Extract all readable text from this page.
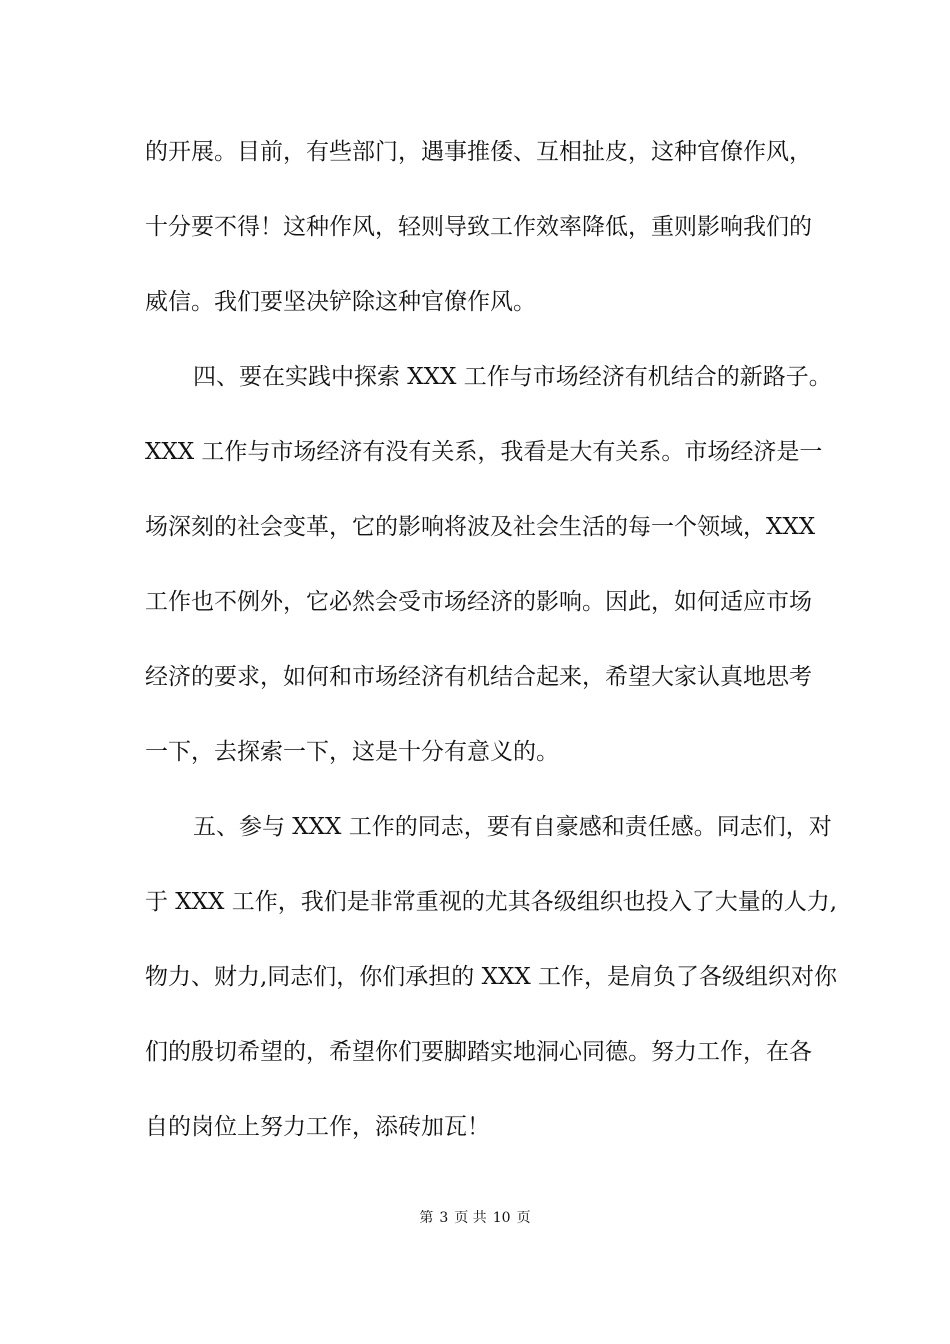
的开展。目前，有些部门，遇事推倭、互相扯皮，这种官僚作风，
十分要不得！这种作风，轻则导致工作效率降低，重则影响我们的
威信。我们要坚决铲除这种官僚作风。
四、要在实践中探索 XXX 工作与市场经济有机结合的新路子。
XXX 工作与市场经济有没有关系，我看是大有关系。市场经济是一
场深刻的社会变革，它的影响将波及社会生活的每一个领域，XXX
工作也不例外，它必然会受市场经济的影响。因此，如何适应市场
经济的要求，如何和市场经济有机结合起来，希望大家认真地思考
一下，去探索一下，这是十分有意义的。
五、参与 XXX 工作的同志，要有自豪感和责任感。同志们，对
于 XXX 工作，我们是非常重视的尤其各级组织也投入了大量的人力,
物力、财力,同志们，你们承担的 XXX 工作，是肩负了各级组织对你
们的殷切希望的，希望你们要脚踏实地洞心同德。努力工作，在各
自的岗位上努力工作，添砖加瓦！
第 3 页 共 10 页
